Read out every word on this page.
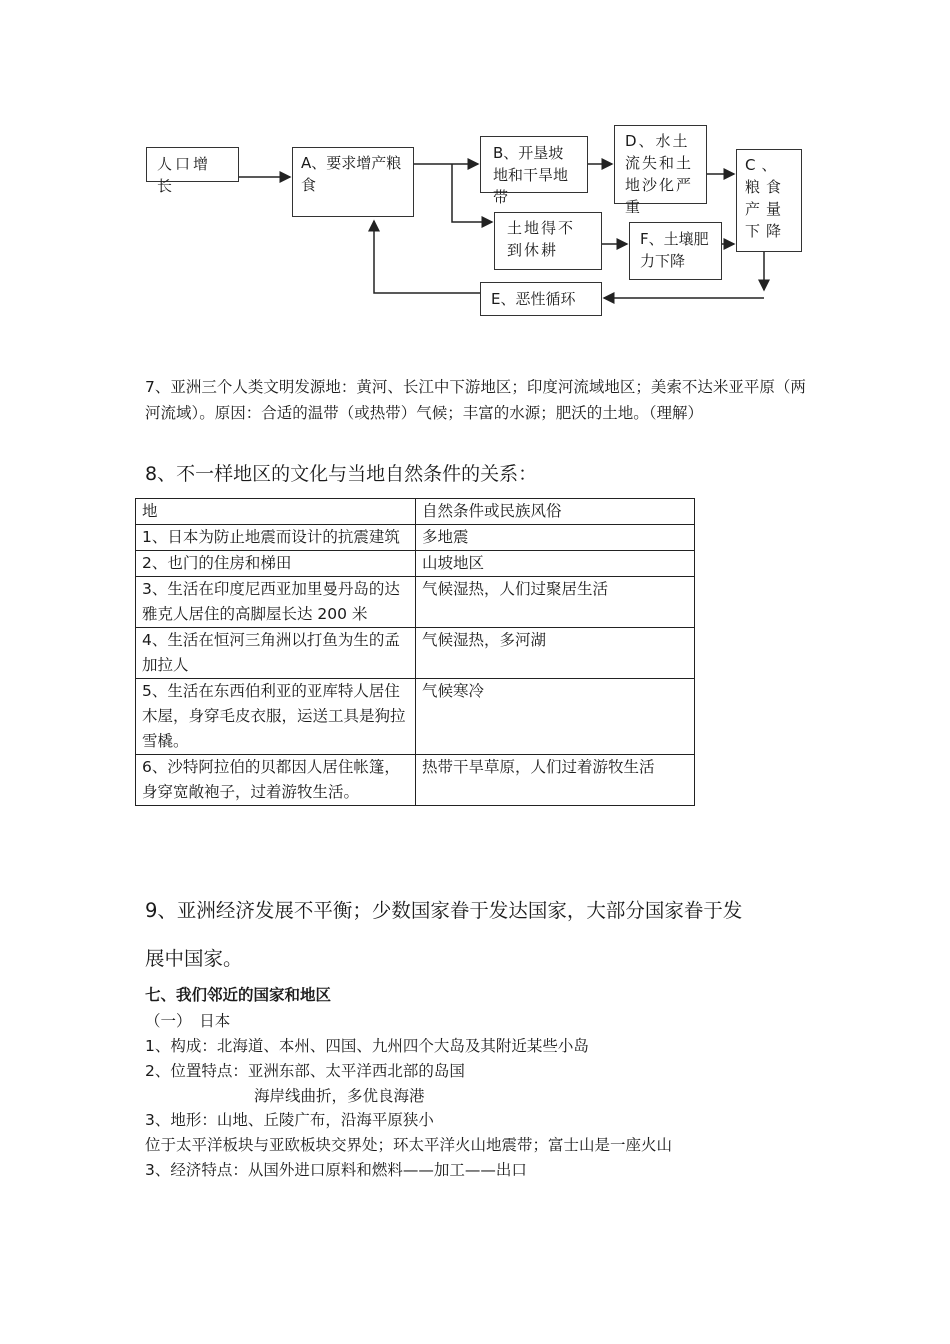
人口增长
A、要求增产粮食
B、开垦坡地和干旱地带
D、水土流失和土地沙化严重
C、粮食产量下降
土地得不到休耕
F、土壤肥力下降
E、恶性循环
7、亚洲三个人类文明发源地：黄河、长江中下游地区；印度河流域地区；美索不达米亚平原（两河流域）。原因：合适的温带（或热带）气候；丰富的水源；肥沃的土地。（理解）
8、不一样地区的文化与当地自然条件的关系：
地	自然条件或民族风俗
1、日本为防止地震而设计的抗震建筑	多地震
2、也门的住房和梯田	山坡地区
3、生活在印度尼西亚加里曼丹岛的达雅克人居住的高脚屋长达 200 米	气候湿热，人们过聚居生活
4、生活在恒河三角洲以打鱼为生的孟加拉人	气候湿热，多河湖
5、生活在东西伯利亚的亚库特人居住木屋，身穿毛皮衣服，运送工具是狗拉雪橇。	气候寒冷
6、沙特阿拉伯的贝都因人居住帐篷，身穿宽敞袍子，过着游牧生活。	热带干旱草原，人们过着游牧生活
9、亚洲经济发展不平衡；少数国家眷于发达国家，大部分国家眷于发
展中国家。
七、我们邻近的国家和地区
（一）　日本
1、构成：北海道、本州、四国、九州四个大岛及其附近某些小岛
2、位置特点：亚洲东部、太平洋西北部的岛国
海岸线曲折，多优良海港
3、地形：山地、丘陵广布，沿海平原狭小
位于太平洋板块与亚欧板块交界处；环太平洋火山地震带；富士山是一座火山
3、经济特点：从国外进口原料和燃料——加工——出口
